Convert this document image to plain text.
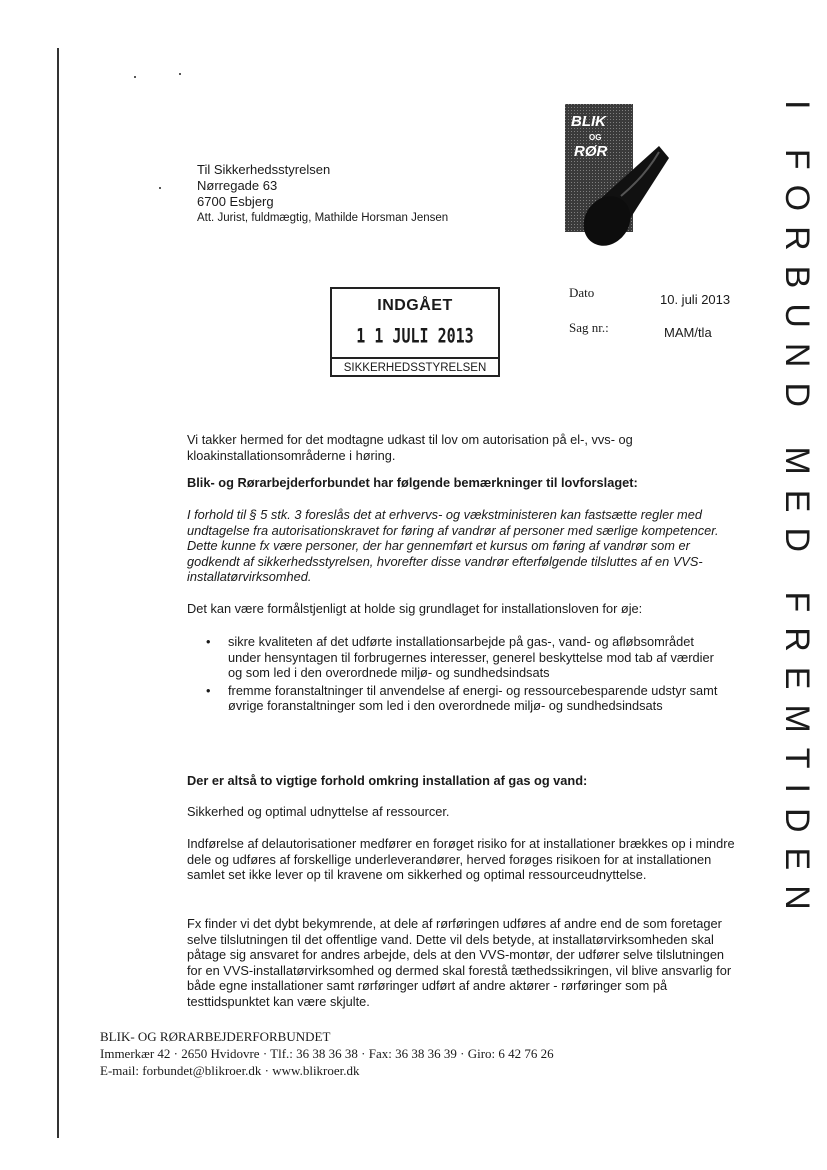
BLIK
OG
RØR
Til Sikkerhedsstyrelsen
Nørregade 63
6700 Esbjerg
Att. Jurist, fuldmægtig, Mathilde Horsman Jensen
INDGÅET
1 1 JULI 2013
SIKKERHEDSSTYRELSEN
Dato	10. juli 2013
Sag nr.:	MAM/tla
Vi takker hermed for det modtagne udkast til lov om autorisation på el-, vvs- og kloakinstallationsområderne i høring.
Blik- og Rørarbejderforbundet har følgende bemærkninger til lovforslaget:
I forhold til § 5 stk. 3 foreslås det at erhvervs- og vækstministeren kan fastsætte regler med undtagelse fra autorisationskravet for føring af vandrør af personer med særlige kompetencer. Dette kunne fx være personer, der har gennemført et kursus om føring af vandrør som er godkendt af sikkerhedsstyrelsen, hvorefter disse vandrør efterfølgende tilsluttes af en VVS-installatørvirksomhed.
Det kan være formålstjenligt at holde sig grundlaget for installationsloven for øje:
• sikre kvaliteten af det udførte installationsarbejde på gas-, vand- og afløbsområdet under hensyntagen til forbrugernes interesser, generel beskyttelse mod tab af værdier og som led i den overordnede miljø- og sundhedsindsats
• fremme foranstaltninger til anvendelse af energi- og ressourcebesparende udstyr samt øvrige foranstaltninger som led i den overordnede miljø- og sundhedsindsats
Der er altså to vigtige forhold omkring installation af gas og vand:
Sikkerhed og optimal udnyttelse af ressourcer.
Indførelse af delautorisationer medfører en forøget risiko for at installationer brækkes op i mindre dele og udføres af forskellige underleverandører, herved forøges risikoen for at installationen samlet set ikke lever op til kravene om sikkerhed og optimal ressourceudnyttelse.
Fx finder vi det dybt bekymrende, at dele af rørføringen udføres af andre end de som foretager selve tilslutningen til det offentlige vand. Dette vil dels betyde, at installatørvirksomheden skal påtage sig ansvaret for andres arbejde, dels at den VVS-montør, der udfører selve tilslutningen for en VVS-installatørvirksomhed og dermed skal forestå tæthedssikringen, vil blive ansvarlig for både egne installationer samt rørføringer udført af andre aktører - rørføringer som på testtidspunktet kan være skjulte.
BLIK- OG RØRARBEJDERFORBUNDET
Immerkær 42 · 2650 Hvidovre · Tlf.: 36 38 36 38 · Fax: 36 38 36 39 · Giro: 6 42 76 26
E-mail: forbundet@blikroer.dk · www.blikroer.dk
I FORBUND MED FREMTIDEN
